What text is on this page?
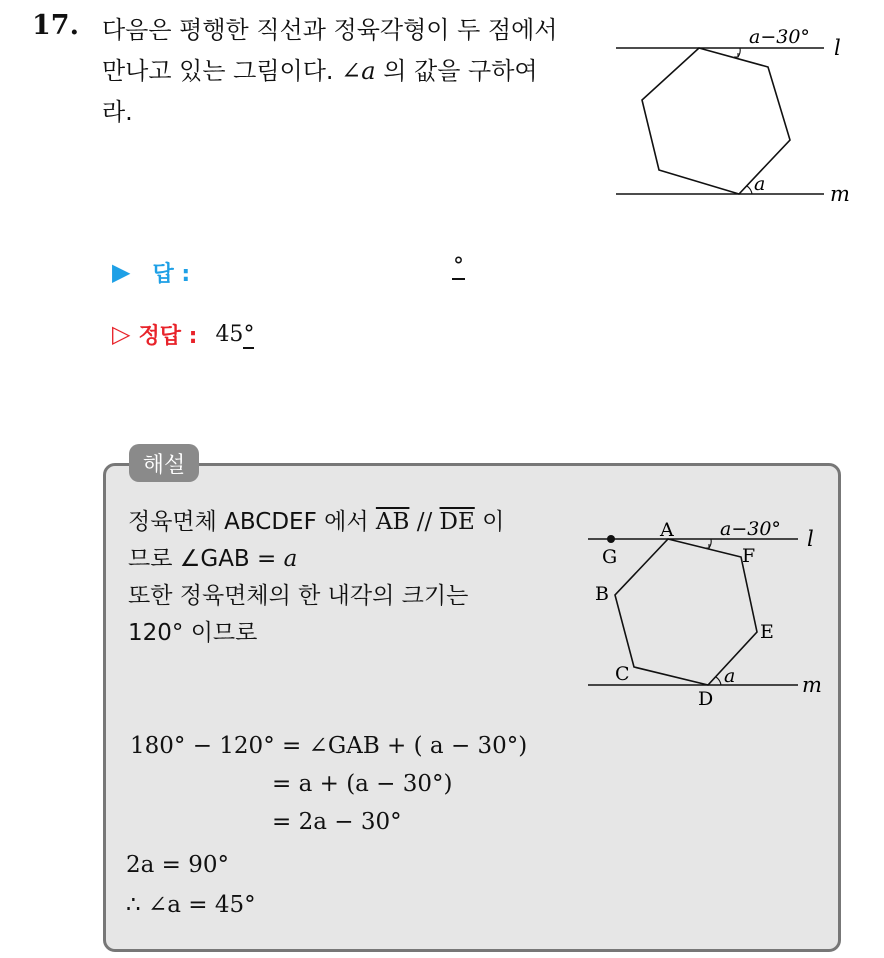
17. 다음은 평행한 직선과 정육각형이 두 점에서
만나고 있는 그림이다. ∠a 의 값을 구하여
라.
a−30°
a
l
m
▶ 답 :	°
▷ 정답 : 45°
해설
정육면체 ABCDEF 에서 $\overline{AB} // \overline{DE}$ 이
므로 ∠GAB = a
또한 정육면체의 한 내각의 크기는
120° 이므로
a−30°
a
l
m
A
G	F
B
E
C
D
180° − 120° = ∠GAB + ( a − 30°)
= a + (a − 30°)
= 2a − 30°
2a = 90°
∴ ∠a = 45°
